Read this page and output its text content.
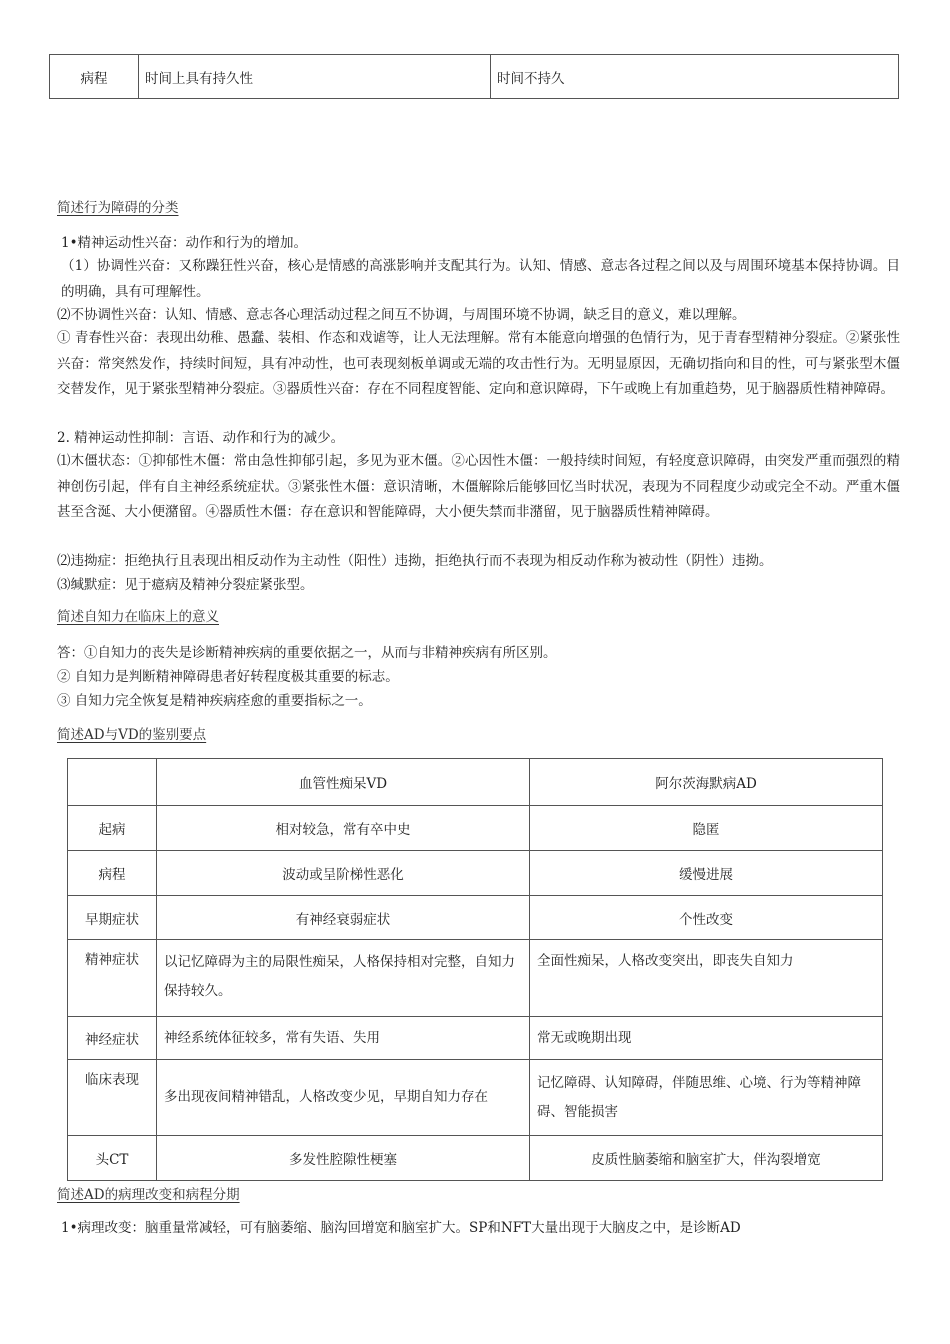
病程	时间上具有持久性	时间不持久
简述行为障碍的分类
1•精神运动性兴奋：动作和行为的增加。
（1）协调性兴奋：又称躁狂性兴奋，核心是情感的高涨影响并支配其行为。认知、情感、意志各过程之间以及与周围环境基本保持协调。目的明确，具有可理解性。
⑵不协调性兴奋：认知、情感、意志各心理活动过程之间互不协调，与周围环境不协调，缺乏目的意义，难以理解。
① 青春性兴奋：表现出幼稚、愚蠢、装相、作态和戏谑等，让人无法理解。常有本能意向增强的色情行为，见于青春型精神分裂症。②紧张性兴奋：常突然发作，持续时间短，具有冲动性，也可表现刻板单调或无端的攻击性行为。无明显原因，无确切指向和目的性，可与紧张型木僵交替发作，见于紧张型精神分裂症。③器质性兴奋：存在不同程度智能、定向和意识障碍，下午或晚上有加重趋势，见于脑器质性精神障碍。
2. 精神运动性抑制：言语、动作和行为的减少。
⑴木僵状态：①抑郁性木僵：常由急性抑郁引起，多见为亚木僵。②心因性木僵：一般持续时间短，有轻度意识障碍，由突发严重而强烈的精神创伤引起，伴有自主神经系统症状。③紧张性木僵：意识清晰，木僵解除后能够回忆当时状况，表现为不同程度少动或完全不动。严重木僵甚至含涎、大小便潴留。④器质性木僵：存在意识和智能障碍，大小便失禁而非潴留，见于脑器质性精神障碍。
⑵违拗症：拒绝执行且表现出相反动作为主动性（阳性）违拗，拒绝执行而不表现为相反动作称为被动性（阴性）违拗。
⑶缄默症：见于癔病及精神分裂症紧张型。
简述自知力在临床上的意义
答：①自知力的丧失是诊断精神疾病的重要依据之一，从而与非精神疾病有所区别。
② 自知力是判断精神障碍患者好转程度极其重要的标志。
③ 自知力完全恢复是精神疾病痊愈的重要指标之一。
简述AD与VD的鉴别要点
	血管性痴呆VD	阿尔茨海默病AD
起病	相对较急，常有卒中史	隐匿
病程	波动或呈阶梯性恶化	缓慢进展
早期症状	有神经衰弱症状	个性改变
精神症状	以记忆障碍为主的局限性痴呆，人格保持相对完整，自知力保持较久。	全面性痴呆，人格改变突出，即丧失自知力
神经症状	神经系统体征较多，常有失语、失用	常无或晚期出现
临床表现	多出现夜间精神错乱，人格改变少见，早期自知力存在	记忆障碍、认知障碍，伴随思维、心境、行为等精神障碍、智能损害
头CT	多发性腔隙性梗塞	皮质性脑萎缩和脑室扩大，伴沟裂增宽
简述AD的病理改变和病程分期
1•病理改变：脑重量常减轻，可有脑萎缩、脑沟回增宽和脑室扩大。SP和NFT大量出现于大脑皮之中，是诊断AD
